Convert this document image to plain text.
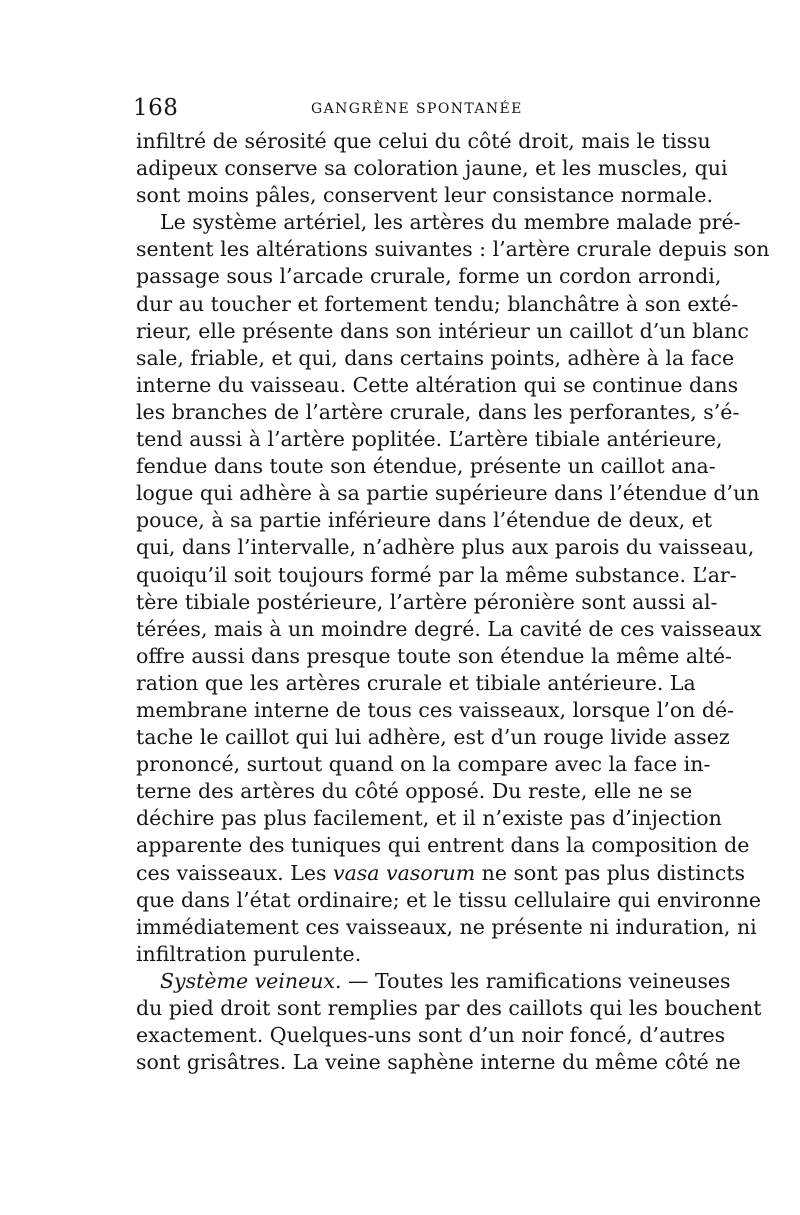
168	GANGRÈNE SPONTANÉE
infiltré de sérosité que celui du côté droit, mais le tissu
adipeux conserve sa coloration jaune, et les muscles, qui
sont moins pâles, conservent leur consistance normale.
Le système artériel, les artères du membre malade pré-
sentent les altérations suivantes : l’artère crurale depuis son
passage sous l’arcade crurale, forme un cordon arrondi,
dur au toucher et fortement tendu; blanchâtre à son exté-
rieur, elle présente dans son intérieur un caillot d’un blanc
sale, friable, et qui, dans certains points, adhère à la face
interne du vaisseau. Cette altération qui se continue dans
les branches de l’artère crurale, dans les perforantes, s’é-
tend aussi à l’artère poplitée. L’artère tibiale antérieure,
fendue dans toute son étendue, présente un caillot ana-
logue qui adhère à sa partie supérieure dans l’étendue d’un
pouce, à sa partie inférieure dans l’étendue de deux, et
qui, dans l’intervalle, n’adhère plus aux parois du vaisseau,
quoiqu’il soit toujours formé par la même substance. L’ar-
tère tibiale postérieure, l’artère péronière sont aussi al-
térées, mais à un moindre degré. La cavité de ces vaisseaux
offre aussi dans presque toute son étendue la même alté-
ration que les artères crurale et tibiale antérieure. La
membrane interne de tous ces vaisseaux, lorsque l’on dé-
tache le caillot qui lui adhère, est d’un rouge livide assez
prononcé, surtout quand on la compare avec la face in-
terne des artères du côté opposé. Du reste, elle ne se
déchire pas plus facilement, et il n’existe pas d’injection
apparente des tuniques qui entrent dans la composition de
ces vaisseaux. Les vasa vasorum ne sont pas plus distincts
que dans l’état ordinaire; et le tissu cellulaire qui environne
immédiatement ces vaisseaux, ne présente ni induration, ni
infiltration purulente.
Système veineux. — Toutes les ramifications veineuses
du pied droit sont remplies par des caillots qui les bouchent
exactement. Quelques-uns sont d’un noir foncé, d’autres
sont grisâtres. La veine saphène interne du même côté ne
